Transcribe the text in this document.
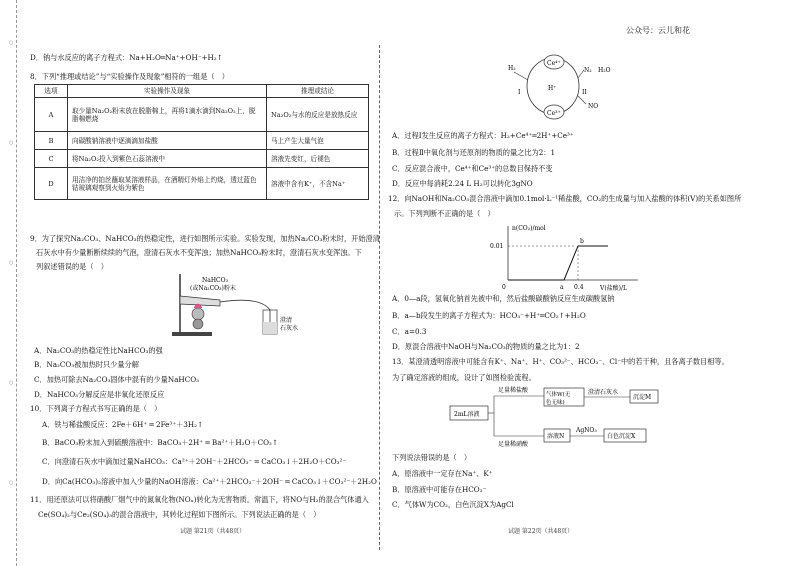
○
○
○
○
○
公众号：云儿和花
D．钠与水反应的离子方程式：Na+H₂O═Na⁺+OH⁻+H₂↑
8．下列“推理或结论”与“实验操作及现象”相符的一组是（　）
选项	实验操作及现象	推理或结论
A	取少量Na₂O₂粉末放在脱脂棉上，再将1滴水滴到Na₂O₂上，脱脂棉燃烧	Na₂O₂与水的反应是放热反应
B	向碳酸钠溶液中逐滴滴加盐酸	马上产生大量气泡
C	将Na₂O₂投入到紫色石蕊溶液中	溶液先变红，后褪色
D	用洁净的铂丝蘸取某溶液样品，在酒精灯外焰上灼烧，透过蓝色钴玻璃观察到火焰为紫色	溶液中含有K⁺，不含Na⁺
9．为了探究Na₂CO₃、NaHCO₃的热稳定性，进行如图所示实验。实验发现，加热Na₂CO₃粉末时，开始澄清
石灰水中有少量断断续续的气泡，澄清石灰水不变浑浊；加热NaHCO₃粉末时，澄清石灰水变浑浊。下
列叙述错误的是（　）
NaHCO₃
(或Na₂CO₃)粉末
澄清
石灰水
A．Na₂CO₃的热稳定性比NaHCO₃的强
B．Na₂CO₃被加热时只少量分解
C．加热可除去Na₂CO₃固体中混有的少量NaHCO₃
D．NaHCO₃分解反应是非氧化还原反应
10．下列离子方程式书写正确的是（　）
A．铁与稀盐酸反应：2Fe＋6H⁺ ═ 2Fe³⁺＋3H₂↑
B．BaCO₃粉末加入到硫酸溶液中：BaCO₃＋2H⁺ ═ Ba²⁺＋H₂O＋CO₂↑
C．向澄清石灰水中滴加过量NaHCO₃：Ca²⁺＋2OH⁻＋2HCO₃⁻ ═ CaCO₃↓＋2H₂O＋CO₃²⁻
D．向Ca(HCO₃)₂溶液中加入少量的NaOH溶液：Ca²⁺＋2HCO₃⁻＋2OH⁻ ═ CaCO₃↓＋CO₃²⁻＋2H₂O
11．用还原法可以将硝酸厂烟气中的氮氧化物(NOₓ)转化为无害物质。常温下，将NO与H₂的混合气体通入
Ce(SO₄)₂与Ce₂(SO₄)₃的混合溶液中，其转化过程如下图所示。下列说法正确的是（　）
试题 第21页（共48页）
Ce⁴⁺
Ce³⁺
H⁺
H₂	N₂ H₂O
NO
I	II
A．过程Ⅰ发生反应的离子方程式：H₂+Ce⁴⁺═2H⁺+Ce³⁺
B．过程Ⅱ中氧化剂与还原剂的物质的量之比为2：1
C．反应混合液中，Ce⁴⁺和Ce³⁺的总数目保持不变
D．反应中每消耗2.24 L H₂可以转化3gNO
12．向NaOH和Na₂CO₃混合溶液中滴加0.1mol·L⁻¹稀盐酸，CO₂的生成量与加入盐酸的体积(V)的关系如图所
示。下列判断不正确的是（　）
n(CO₂)/mol
V(盐酸)/L
0.01
0	a 0.4
b
A．0—a段，氢氧化钠首先被中和，然后盐酸碳酸钠反应生成碳酸氢钠
B．a—b段发生的离子方程式为：HCO₃⁻+H⁺═CO₂↑+H₂O
C．a=0.3
D．原混合溶液中NaOH与Na₂CO₃的物质的量之比为1：2
13．某澄清透明溶液中可能含有K⁺、Na⁺、H⁺、CO₃²⁻、HCO₃⁻、Cl⁻中的若干种，且各离子数目相等。
为了确定溶液的组成，设计了如图检验流程。
足量稀盐酸
足量稀硝酸
2mL溶液
气体W(无
色无味)
澄清石灰水
沉淀M
溶液N
AgNO₃
白色沉淀X
下列说法错误的是（　）
A．原溶液中一定存在Na⁺、K⁺
B．原溶液中可能存在HCO₃⁻
C．气体W为CO₂，白色沉淀X为AgCl
试题 第22页（共48页）
